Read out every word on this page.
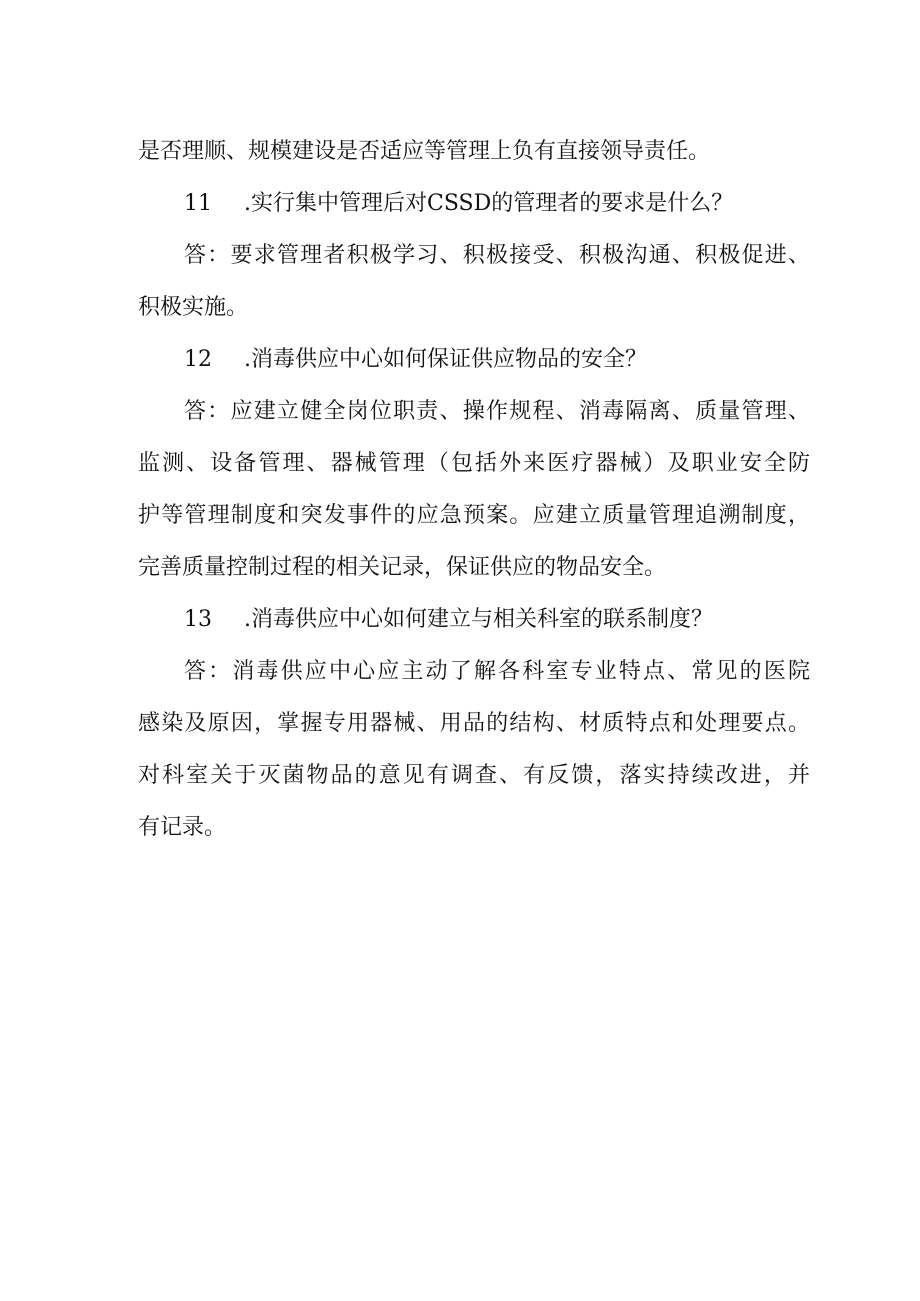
是否理顺、规模建设是否适应等管理上负有直接领导责任。
11 .实行集中管理后对CSSD的管理者的要求是什么？
答：要求管理者积极学习、积极接受、积极沟通、积极促进、
积极实施。
12 .消毒供应中心如何保证供应物品的安全？
答：应建立健全岗位职责、操作规程、消毒隔离、质量管理、
监测、设备管理、器械管理（包括外来医疗器械）及职业安全防
护等管理制度和突发事件的应急预案。应建立质量管理追溯制度，
完善质量控制过程的相关记录，保证供应的物品安全。
13 .消毒供应中心如何建立与相关科室的联系制度？
答：消毒供应中心应主动了解各科室专业特点、常见的医院
感染及原因，掌握专用器械、用品的结构、材质特点和处理要点。
对科室关于灭菌物品的意见有调查、有反馈，落实持续改进，并
有记录。
